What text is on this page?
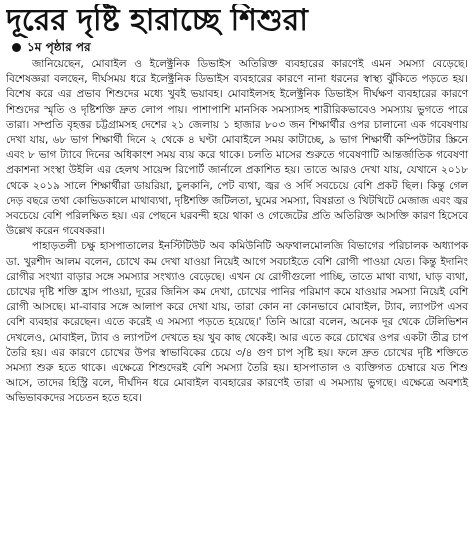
দূরের দৃষ্টি হারাচ্ছে শিশুরা
১ম পৃষ্ঠার পর

জানিয়েছেন, মোবাইল ও ইলেক্ট্রনিক ডিভাইস অতিরিক্ত ব্যবহারের কারণেই এমন সমস্যা বেড়েছে। বিশেষজ্ঞরা বলছেন, দীর্ঘসময় ধরে ইলেক্ট্রনিক ডিভাইস ব্যবহারের কারণে নানা ধরনের স্বাস্থ্য ঝুঁকিতে পড়তে হয়। বিশেষ করে এর প্রভাব শিশুদের মধ্যে খুবই ভয়াবহ। মোবাইলসহ ইলেক্ট্রনিক ডিভাইস দীর্ঘক্ষণ ব্যবহারের কারণে শিশুদের স্মৃতি ও দৃষ্টিশক্তি দ্রুত লোপ পায়। পাশাপাশি মানসিক সমস্যাসহ শারীরিকভাবেও সমস্যায় ভুগতে পারে তারা। সম্প্রতি বৃহত্তর চট্টগ্রামসহ দেশের ২১ জেলায় ১ হাজার ৮০৩ জন শিক্ষার্থীর ওপর চালানো এক গবেষণায় দেখা যায়, ৬৮ ভাগ শিক্ষার্থী দিনে ২ থেকে ৪ ঘণ্টা মোবাইলে সময় কাটাচ্ছে, ৯ ভাগ শিক্ষার্থী কম্পিউটার স্ক্রিনে এবং ৮ ভাগ ট্যাবে দিনের অধিকাংশ সময় ব্যয় করে থাকে। চলতি মাসের শুরুতে গবেষণাটি আন্তর্জাতিক গবেষণা প্রকাশনা সংস্থা উইলি এর হেলথ সায়েন্স রিপোর্ট জার্নালে প্রকাশিত হয়। তাতে আরও দেখা যায়, যেখানে ২০১৮ থেকে ২০১৯ সালে শিক্ষার্থীরা ডায়রিয়া, চুলকানি, পেট ব্যথা, জ্বর ও সর্দি সবচেয়ে বেশি প্রকট ছিল। কিন্তু গেল দেড় বছরে তথা কোভিডকালে মাথাব্যথা, দৃষ্টিশক্তি জটিলতা, ঘুমের সমস্যা, বিষণ্ণতা ও খিটখিটে মেজাজ এবং জ্বর সবচেয়ে বেশি পরিলক্ষিত হয়। এর পেছনে ঘরবন্দী হয়ে থাকা ও গেজেটের প্রতি অতিরিক্ত আসক্তি কারণ হিসেবে উল্লেখ করেন গবেষকরা।

পাহাড়তলী চক্ষু হাসপাতালের ইনস্টিটিউট অব কমিউনিটি অফথালমোলজি বিভাগের পরিচালক অধ্যাপক ডা. খুরশীদ আলম বলেন, চোখে কম দেখা যাওয়া নিয়েই আগে সবচাইতে বেশি রোগী পাওয়া যেত। কিন্তু ইদানিং রোগীর সংখ্যা বাড়ার সঙ্গে সমস্যার সংখ্যাও বেড়েছে। এখন যে রোগীগুলো পাচ্ছি, তাতে মাথা ব্যথা, ঘাড় ব্যথা, চোখের দৃষ্টি শক্তি হ্রাস পাওয়া, দূরের জিনিস কম দেখা, চোখের পানির পরিমাণ কমে যাওয়ার সমস্যা নিয়েই বেশি রোগী আসছে। মা-বাবার সঙ্গে আলাপ করে দেখা যায়, তারা কোন না কোনভাবে মোবাইল, ট্যাব, ল্যাপটপ এসব বেশি ব্যবহার করেছেন। এতে করেই এ সমস্যা পড়তে হয়েছে।' তিনি আরো বলেন, অনেক দূর থেকে টেলিভিশন দেখলেও, মোবাইল, ট্যাব ও ল্যাপটপ দেখতে হয় খুব কাছ থেকেই। আর এতে করে চোখের ওপর একটা তীব্র চাপ তৈরি হয়। এর কারণে চোখের উপর স্বাভাবিকের চেয়ে ৩/৪ গুণ চাপ সৃষ্টি হয়। ফলে দ্রুত চোখের দৃষ্টি শক্তিতে সমস্যা শুরু হতে থাকে। এক্ষেত্রে শিশুদেরই বেশি সমস্যা তৈরি হয়। হাসপাতাল ও ব্যক্তিগত চেম্বারে যত শিশু আসে, তাদের হিস্ট্রি বলে, দীর্ঘদিন ধরে মোবাইল ব্যবহারের কারণেই তারা এ সমস্যায় ভুগছে। এক্ষেত্রে অবশ্যই অভিভাবকদের সচেতন হতে হবে।
